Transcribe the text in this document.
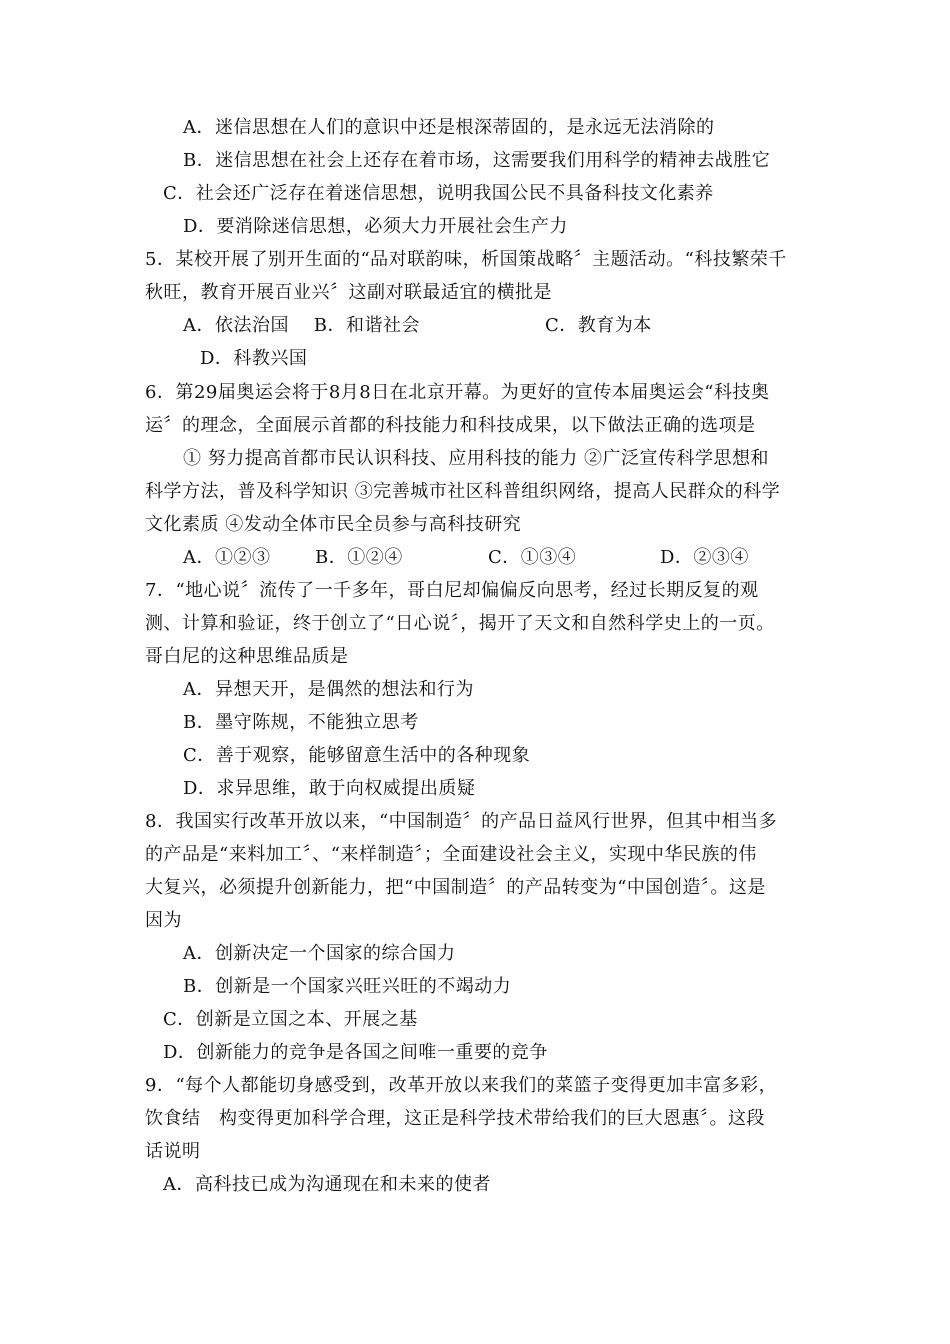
A．迷信思想在人们的意识中还是根深蒂固的，是永远无法消除的
B．迷信思想在社会上还存在着市场，这需要我们用科学的精神去战胜它
C．社会还广泛存在着迷信思想，说明我国公民不具备科技文化素养
D．要消除迷信思想，必须大力开展社会生产力
5．某校开展了别开生面的“品对联韵味，析国策战略〞主题活动。“科技繁荣千
秋旺，教育开展百业兴〞这副对联最适宜的横批是
A．依法治国　 B．和谐社会	C．教育为本
D．科教兴国
6．第29届奥运会将于8月8日在北京开幕。为更好的宣传本届奥运会“科技奥
运〞的理念，全面展示首都的科技能力和科技成果，以下做法正确的选项是
① 努力提高首都市民认识科技、应用科技的能力 ②广泛宣传科学思想和
科学方法，普及科学知识 ③完善城市社区科普组织网络，提高人民群众的科学
文化素质 ④发动全体市民全员参与高科技研究
A．①②③ B．①②④	C．①③④	D．②③④
7．“地心说〞流传了一千多年，哥白尼却偏偏反向思考，经过长期反复的观
测、计算和验证，终于创立了“日心说〞，揭开了天文和自然科学史上的一页。
哥白尼的这种思维品质是
A．异想天开，是偶然的想法和行为
B．墨守陈规，不能独立思考
C．善于观察，能够留意生活中的各种现象
D．求异思维，敢于向权威提出质疑
8．我国实行改革开放以来，“中国制造〞的产品日益风行世界，但其中相当多
的产品是“来料加工〞、“来样制造〞；全面建设社会主义，实现中华民族的伟
大复兴，必须提升创新能力，把“中国制造〞的产品转变为“中国创造〞。这是
因为
A．创新决定一个国家的综合国力
B．创新是一个国家兴旺兴旺的不竭动力
C．创新是立国之本、开展之基
D．创新能力的竞争是各国之间唯一重要的竞争
9．“每个人都能切身感受到，改革开放以来我们的菜篮子变得更加丰富多彩，
饮食结　构变得更加科学合理，这正是科学技术带给我们的巨大恩惠〞。这段
话说明
A．高科技已成为沟通现在和未来的使者
